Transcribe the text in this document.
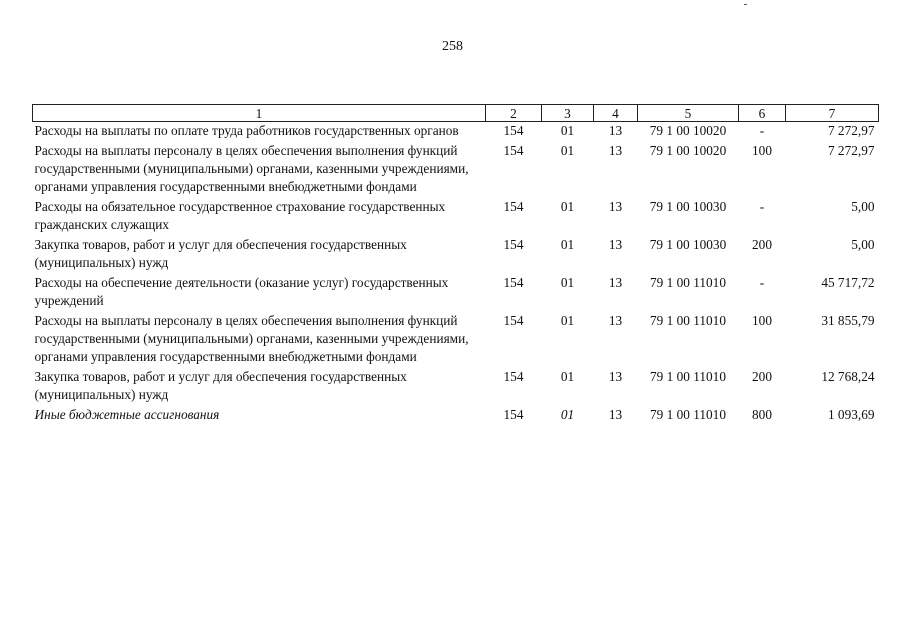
258
1	2	3	4	5	6	7
Расходы на выплаты по оплате труда работников государственных органов	154	01	13	79 1 00 10020	-	7 272,97
Расходы на выплаты персоналу в целях обеспечения выполнения функций государственными (муниципальными) органами, казенными учреждениями, органами управления государственными внебюджетными фондами	154	01	13	79 1 00 10020	100	7 272,97
Расходы на обязательное государственное страхование государственных гражданских служащих	154	01	13	79 1 00 10030	-	5,00
Закупка товаров, работ и услуг для обеспечения государственных (муниципальных) нужд	154	01	13	79 1 00 10030	200	5,00
Расходы на обеспечение деятельности (оказание услуг) государственных учреждений	154	01	13	79 1 00 11010	-	45 717,72
Расходы на выплаты персоналу в целях обеспечения выполнения функций государственными (муниципальными) органами, казенными учреждениями, органами управления государственными внебюджетными фондами	154	01	13	79 1 00 11010	100	31 855,79
Закупка товаров, работ и услуг для обеспечения государственных (муниципальных) нужд	154	01	13	79 1 00 11010	200	12 768,24
Иные бюджетные ассигнования	154	01	13	79 1 00 11010	800	1 093,69
